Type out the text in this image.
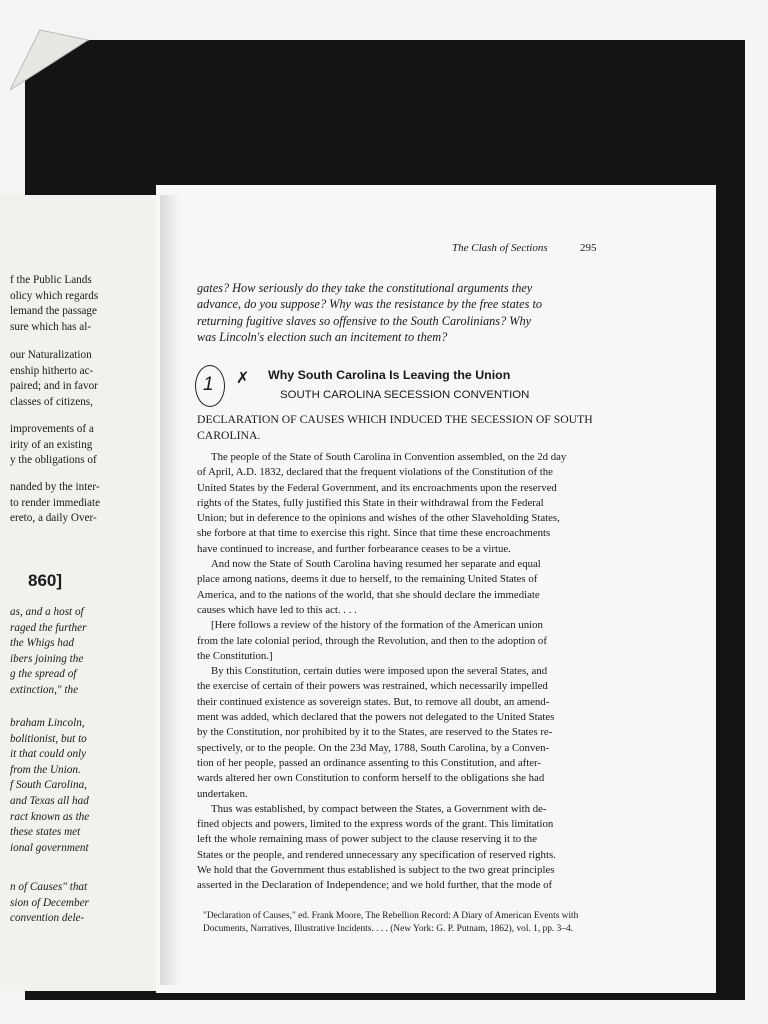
f the Public Lands
olicy which regards
lemand the passage
sure which has al-
our Naturalization
enship hitherto ac-
paired; and in favor
classes of citizens,
improvements of a
irity of an existing
y the obligations of
nanded by the inter-
to render immediate
ereto, a daily Over-
860]
as, and a host of
raged the further
the Whigs had
ibers joining the
g the spread of
extinction," the
braham Lincoln,
bolitionist, but to
it that could only
from the Union.
f South Carolina,
and Texas all had
ract known as the
these states met
ional government
n of Causes" that
sion of December
convention dele-
The Clash of Sections	295
gates? How seriously do they take the constitutional arguments they
advance, do you suppose? Why was the resistance by the free states to
returning fugitive slaves so offensive to the South Carolinians? Why
was Lincoln's election such an incitement to them?
1 ✗ Why South Carolina Is Leaving the Union
SOUTH CAROLINA SECESSION CONVENTION
DECLARATION OF CAUSES WHICH INDUCED THE SECESSION OF SOUTH
CAROLINA.
The people of the State of South Carolina in Convention assembled, on the 2d day
of April, A.D. 1832, declared that the frequent violations of the Constitution of the
United States by the Federal Government, and its encroachments upon the reserved
rights of the States, fully justified this State in their withdrawal from the Federal
Union; but in deference to the opinions and wishes of the other Slaveholding States,
she forbore at that time to exercise this right. Since that time these encroachments
have continued to increase, and further forbearance ceases to be a virtue.
And now the State of South Carolina having resumed her separate and equal
place among nations, deems it due to herself, to the remaining United States of
America, and to the nations of the world, that she should declare the immediate
causes which have led to this act. . . .
[Here follows a review of the history of the formation of the American union
from the late colonial period, through the Revolution, and then to the adoption of
the Constitution.]
By this Constitution, certain duties were imposed upon the several States, and
the exercise of certain of their powers was restrained, which necessarily impelled
their continued existence as sovereign states. But, to remove all doubt, an amend-
ment was added, which declared that the powers not delegated to the United States
by the Constitution, nor prohibited by it to the States, are reserved to the States re-
spectively, or to the people. On the 23d May, 1788, South Carolina, by a Conven-
tion of her people, passed an ordinance assenting to this Constitution, and after-
wards altered her own Constitution to conform herself to the obligations she had
undertaken.
Thus was established, by compact between the States, a Government with de-
fined objects and powers, limited to the express words of the grant. This limitation
left the whole remaining mass of power subject to the clause reserving it to the
States or the people, and rendered unnecessary any specification of reserved rights.
We hold that the Government thus established is subject to the two great principles
asserted in the Declaration of Independence; and we hold further, that the mode of
"Declaration of Causes," ed. Frank Moore, The Rebellion Record: A Diary of American Events with
Documents, Narratives, Illustrative Incidents. . . . (New York: G. P. Putnam, 1862), vol. 1, pp. 3–4.
